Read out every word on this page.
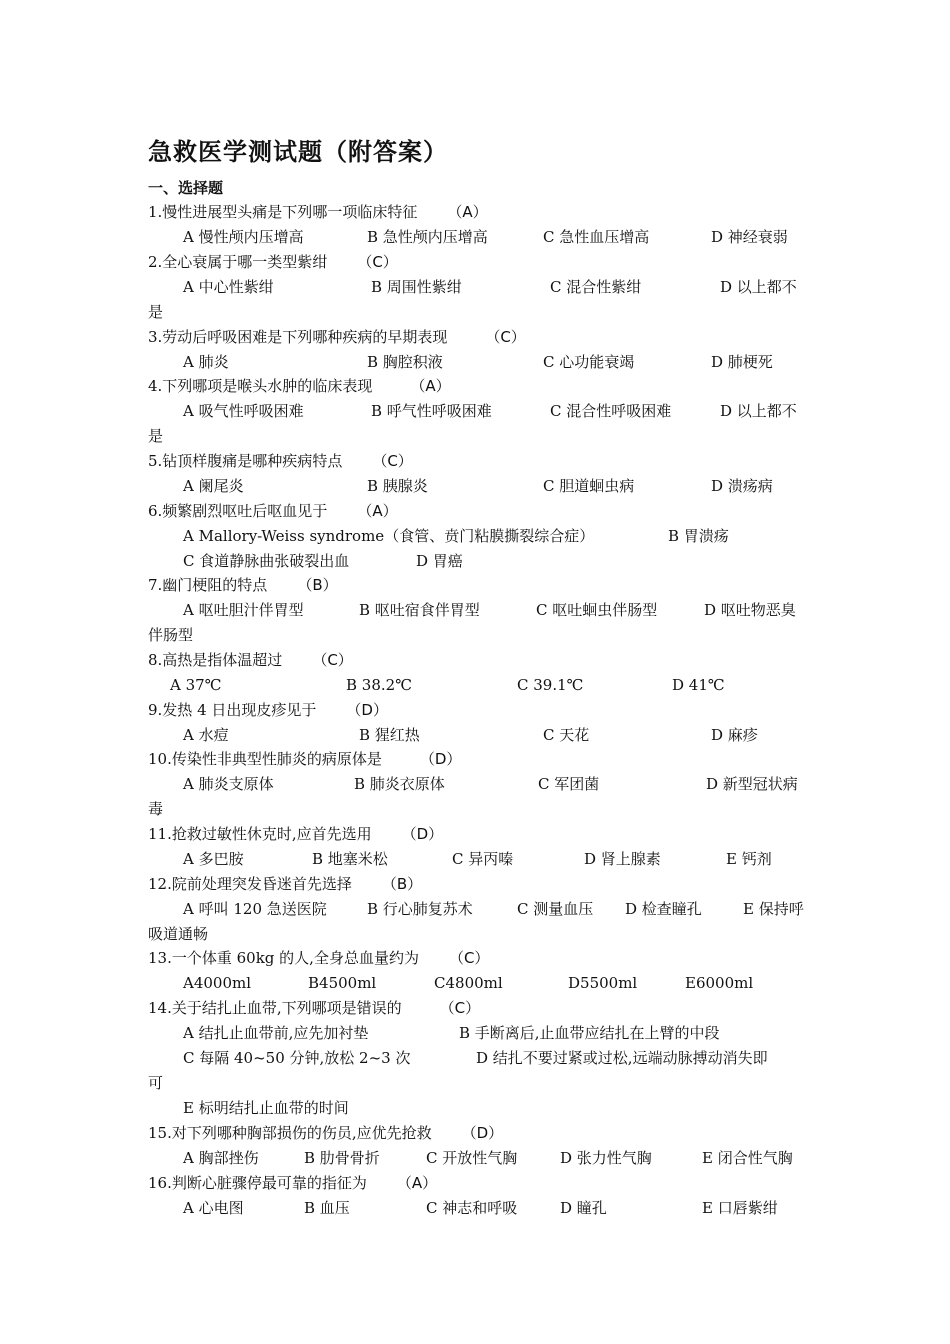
急救医学测试题（附答案）
一、选择题
1.慢性进展型头痛是下列哪一项临床特征 （A）
A 慢性颅内压增高	B 急性颅内压增高	C 急性血压增高	D 神经衰弱
2.全心衰属于哪一类型紫绀 （C）
A 中心性紫绀	B 周围性紫绀	C 混合性紫绀	D 以上都不
是
3.劳动后呼吸困难是下列哪种疾病的早期表现	（C）
A 肺炎	B 胸腔积液	C 心功能衰竭	D 肺梗死
4.下列哪项是喉头水肿的临床表现	（A）
A 吸气性呼吸困难	B 呼气性呼吸困难	C 混合性呼吸困难	D 以上都不
是
5.钻顶样腹痛是哪种疾病特点 （C）
A 阑尾炎	B 胰腺炎	C 胆道蛔虫病	D 溃疡病
6.频繁剧烈呕吐后呕血见于 （A）
A Mallory-Weiss syndrome（食管、贲门粘膜撕裂综合症）	B 胃溃疡
C 食道静脉曲张破裂出血	D 胃癌
7.幽门梗阻的特点 （B）
A 呕吐胆汁伴胃型	B 呕吐宿食伴胃型	C 呕吐蛔虫伴肠型	D 呕吐物恶臭
伴肠型
8.高热是指体温超过 （C）
A 37℃	B 38.2℃	C 39.1℃	D 41℃
9.发热 4 日出现皮疹见于 （D）
A 水痘	B 猩红热	C 天花	D 麻疹
10.传染性非典型性肺炎的病原体是	（D）
A 肺炎支原体	B 肺炎衣原体	C 军团菌	D 新型冠状病
毒
11.抢救过敏性休克时,应首先选用 （D）
A 多巴胺	B 地塞米松	C 异丙嗪	D 肾上腺素	E 钙剂
12.院前处理突发昏迷首先选择 （B）
A 呼叫 120 急送医院	B 行心肺复苏术	C 测量血压 D 检查瞳孔	E 保持呼
吸道通畅
13.一个体重 60kg 的人,全身总血量约为 （C）
A4000ml	B4500ml	C4800ml	D5500ml	E6000ml
14.关于结扎止血带,下列哪项是错误的	（C）
A 结扎止血带前,应先加衬垫	B 手断离后,止血带应结扎在上臂的中段
C 每隔 40~50 分钟,放松 2~3 次	D 结扎不要过紧或过松,远端动脉搏动消失即
可
E 标明结扎止血带的时间
15.对下列哪种胸部损伤的伤员,应优先抢救 （D）
A 胸部挫伤	B 肋骨骨折	C 开放性气胸	D 张力性气胸	E 闭合性气胸
16.判断心脏骤停最可靠的指征为 （A）
A 心电图	B 血压	C 神志和呼吸	D 瞳孔	E 口唇紫绀
